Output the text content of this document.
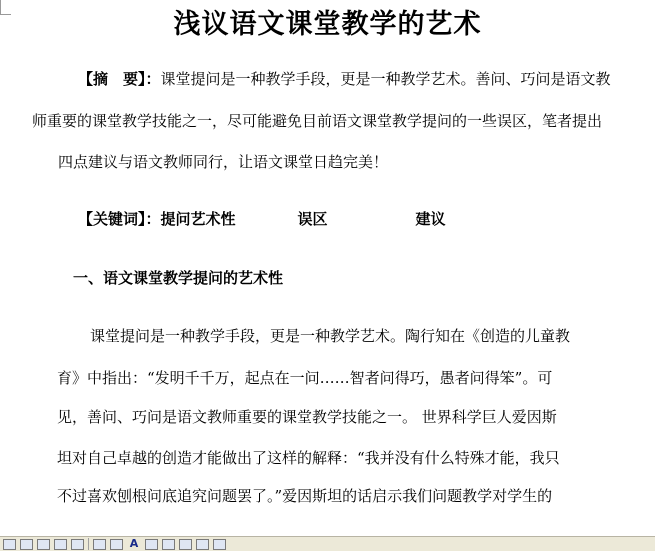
浅议语文课堂教学的艺术
【摘　要】：课堂提问是一种教学手段，更是一种教学艺术。善问、巧问是语文教
师重要的课堂教学技能之一，尽可能避免目前语文课堂教学提问的一些误区，笔者提出
四点建议与语文教师同行，让语文课堂日趋完美！
【关键词】：提问艺术性	误区	建议
一、语文课堂教学提问的艺术性
课堂提问是一种教学手段，更是一种教学艺术。陶行知在《创造的儿童教
育》中指出：“发明千千万，起点在一问……智者问得巧，愚者问得笨”。可
见，善问、巧问是语文教师重要的课堂教学技能之一。 世界科学巨人爱因斯
坦对自己卓越的创造才能做出了这样的解释：“我并没有什么特殊才能，我只
不过喜欢刨根问底追究问题罢了。”爱因斯坦的话启示我们问题教学对学生的
A
